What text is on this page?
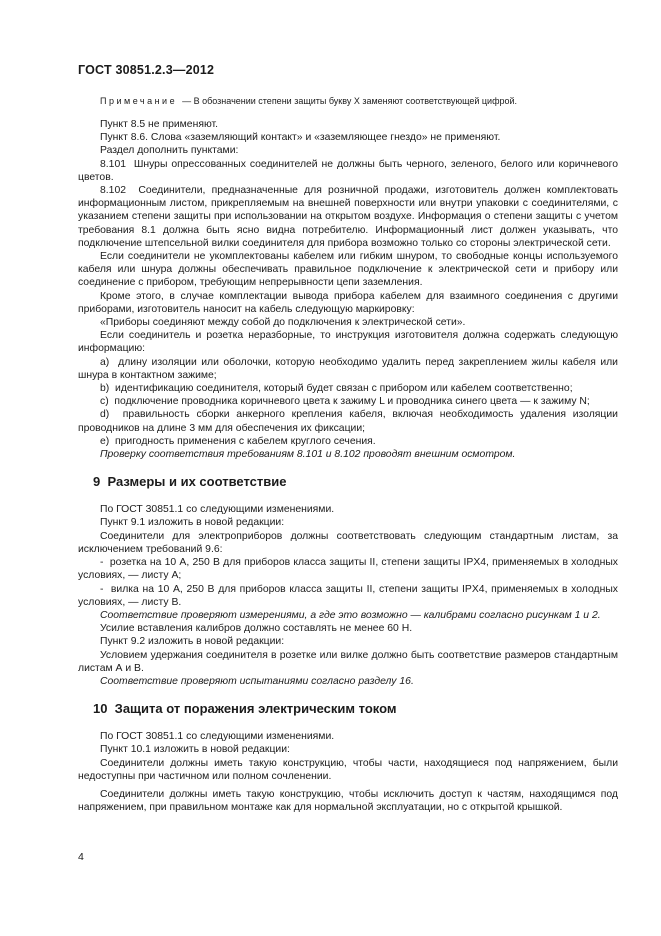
ГОСТ 30851.2.3—2012

Примечание — В обозначении степени защиты букву X заменяют соответствующей цифрой.

Пункт 8.5 не применяют.

Пункт 8.6. Слова «заземляющий контакт» и «заземляющее гнездо» не применяют.

Раздел дополнить пунктами:

8.101  Шнуры опрессованных соединителей не должны быть черного, зеленого, белого или коричневого цветов.

8.102  Соединители, предназначенные для розничной продажи, изготовитель должен комплектовать информационным листом, прикрепляемым на внешней поверхности или внутри упаковки с соединителями, с указанием степени защиты при использовании на открытом воздухе. Информация о степени защиты с учетом требования 8.1 должна быть ясно видна потребителю. Информационный лист должен указывать, что подключение штепсельной вилки соединителя для прибора возможно только со стороны электрической сети.

Если соединители не укомплектованы кабелем или гибким шнуром, то свободные концы используемого кабеля или шнура должны обеспечивать правильное подключение к электрической сети и прибору или соединение с прибором, требующим непрерывности цепи заземления.

Кроме этого, в случае комплектации вывода прибора кабелем для взаимного соединения с другими приборами, изготовитель наносит на кабель следующую маркировку:

«Приборы соединяют между собой до подключения к электрической сети».

Если соединитель и розетка неразборные, то инструкция изготовителя должна содержать следующую информацию:

a)  длину изоляции или оболочки, которую необходимо удалить перед закреплением жилы кабеля или шнура в контактном зажиме;

b)  идентификацию соединителя, который будет связан с прибором или кабелем соответственно;

c)  подключение проводника коричневого цвета к зажиму L и проводника синего цвета — к зажиму N;

d)  правильность сборки анкерного крепления кабеля, включая необходимость удаления изоляции проводников на длине 3 мм для обеспечения их фиксации;

e)  пригодность применения с кабелем круглого сечения.

Проверку соответствия требованиям 8.101 и 8.102 проводят внешним осмотром.

9  Размеры и их соответствие

По ГОСТ 30851.1 со следующими изменениями.

Пункт 9.1 изложить в новой редакции:

Соединители для электроприборов должны соответствовать следующим стандартным листам, за исключением требований 9.6:

-  розетка на 10 А, 250 В для приборов класса защиты II, степени защиты IPX4, применяемых в холодных условиях, — листу А;

-  вилка на 10 А, 250 В для приборов класса защиты II, степени защиты IPX4, применяемых в холодных условиях, — листу В.

Соответствие проверяют измерениями, а где это возможно — калибрами согласно рисункам 1 и 2.

Усилие вставления калибров должно составлять не менее 60 Н.

Пункт 9.2 изложить в новой редакции:

Условием удержания соединителя в розетке или вилке должно быть соответствие размеров стандартным листам А и В.

Соответствие проверяют испытаниями согласно разделу 16.

10  Защита от поражения электрическим током

По ГОСТ 30851.1 со следующими изменениями.

Пункт 10.1 изложить в новой редакции:

Соединители должны иметь такую конструкцию, чтобы части, находящиеся под напряжением, были недоступны при частичном или полном сочленении.

Соединители должны иметь такую конструкцию, чтобы исключить доступ к частям, находящимся под напряжением, при правильном монтаже как для нормальной эксплуатации, но с открытой крышкой.

4
